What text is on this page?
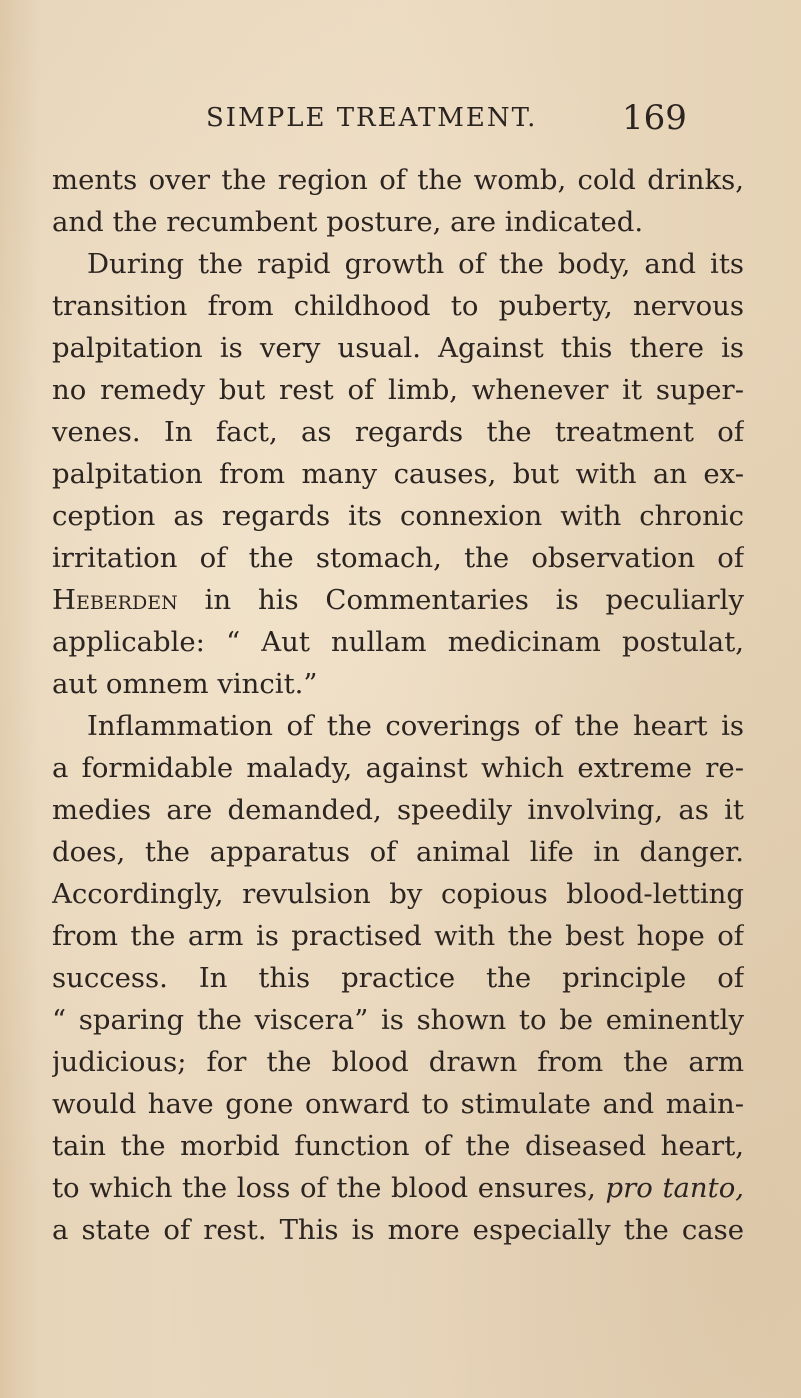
SIMPLE TREATMENT. 169
ments over the region of the womb, cold drinks,
and the recumbent posture, are indicated.
During the rapid growth of the body, and its
transition from childhood to puberty, nervous
palpitation is very usual. Against this there is
no remedy but rest of limb, whenever it super-
venes. In fact, as regards the treatment of
palpitation from many causes, but with an ex-
ception as regards its connexion with chronic
irritation of the stomach, the observation of
Heberden in his Commentaries is peculiarly
applicable: “ Aut nullam medicinam postulat,
aut omnem vincit.”
Inflammation of the coverings of the heart is
a formidable malady, against which extreme re-
medies are demanded, speedily involving, as it
does, the apparatus of animal life in danger.
Accordingly, revulsion by copious blood-letting
from the arm is practised with the best hope of
success. In this practice the principle of
“ sparing the viscera” is shown to be eminently
judicious; for the blood drawn from the arm
would have gone onward to stimulate and main-
tain the morbid function of the diseased heart,
to which the loss of the blood ensures, pro tanto,
a state of rest. This is more especially the case
